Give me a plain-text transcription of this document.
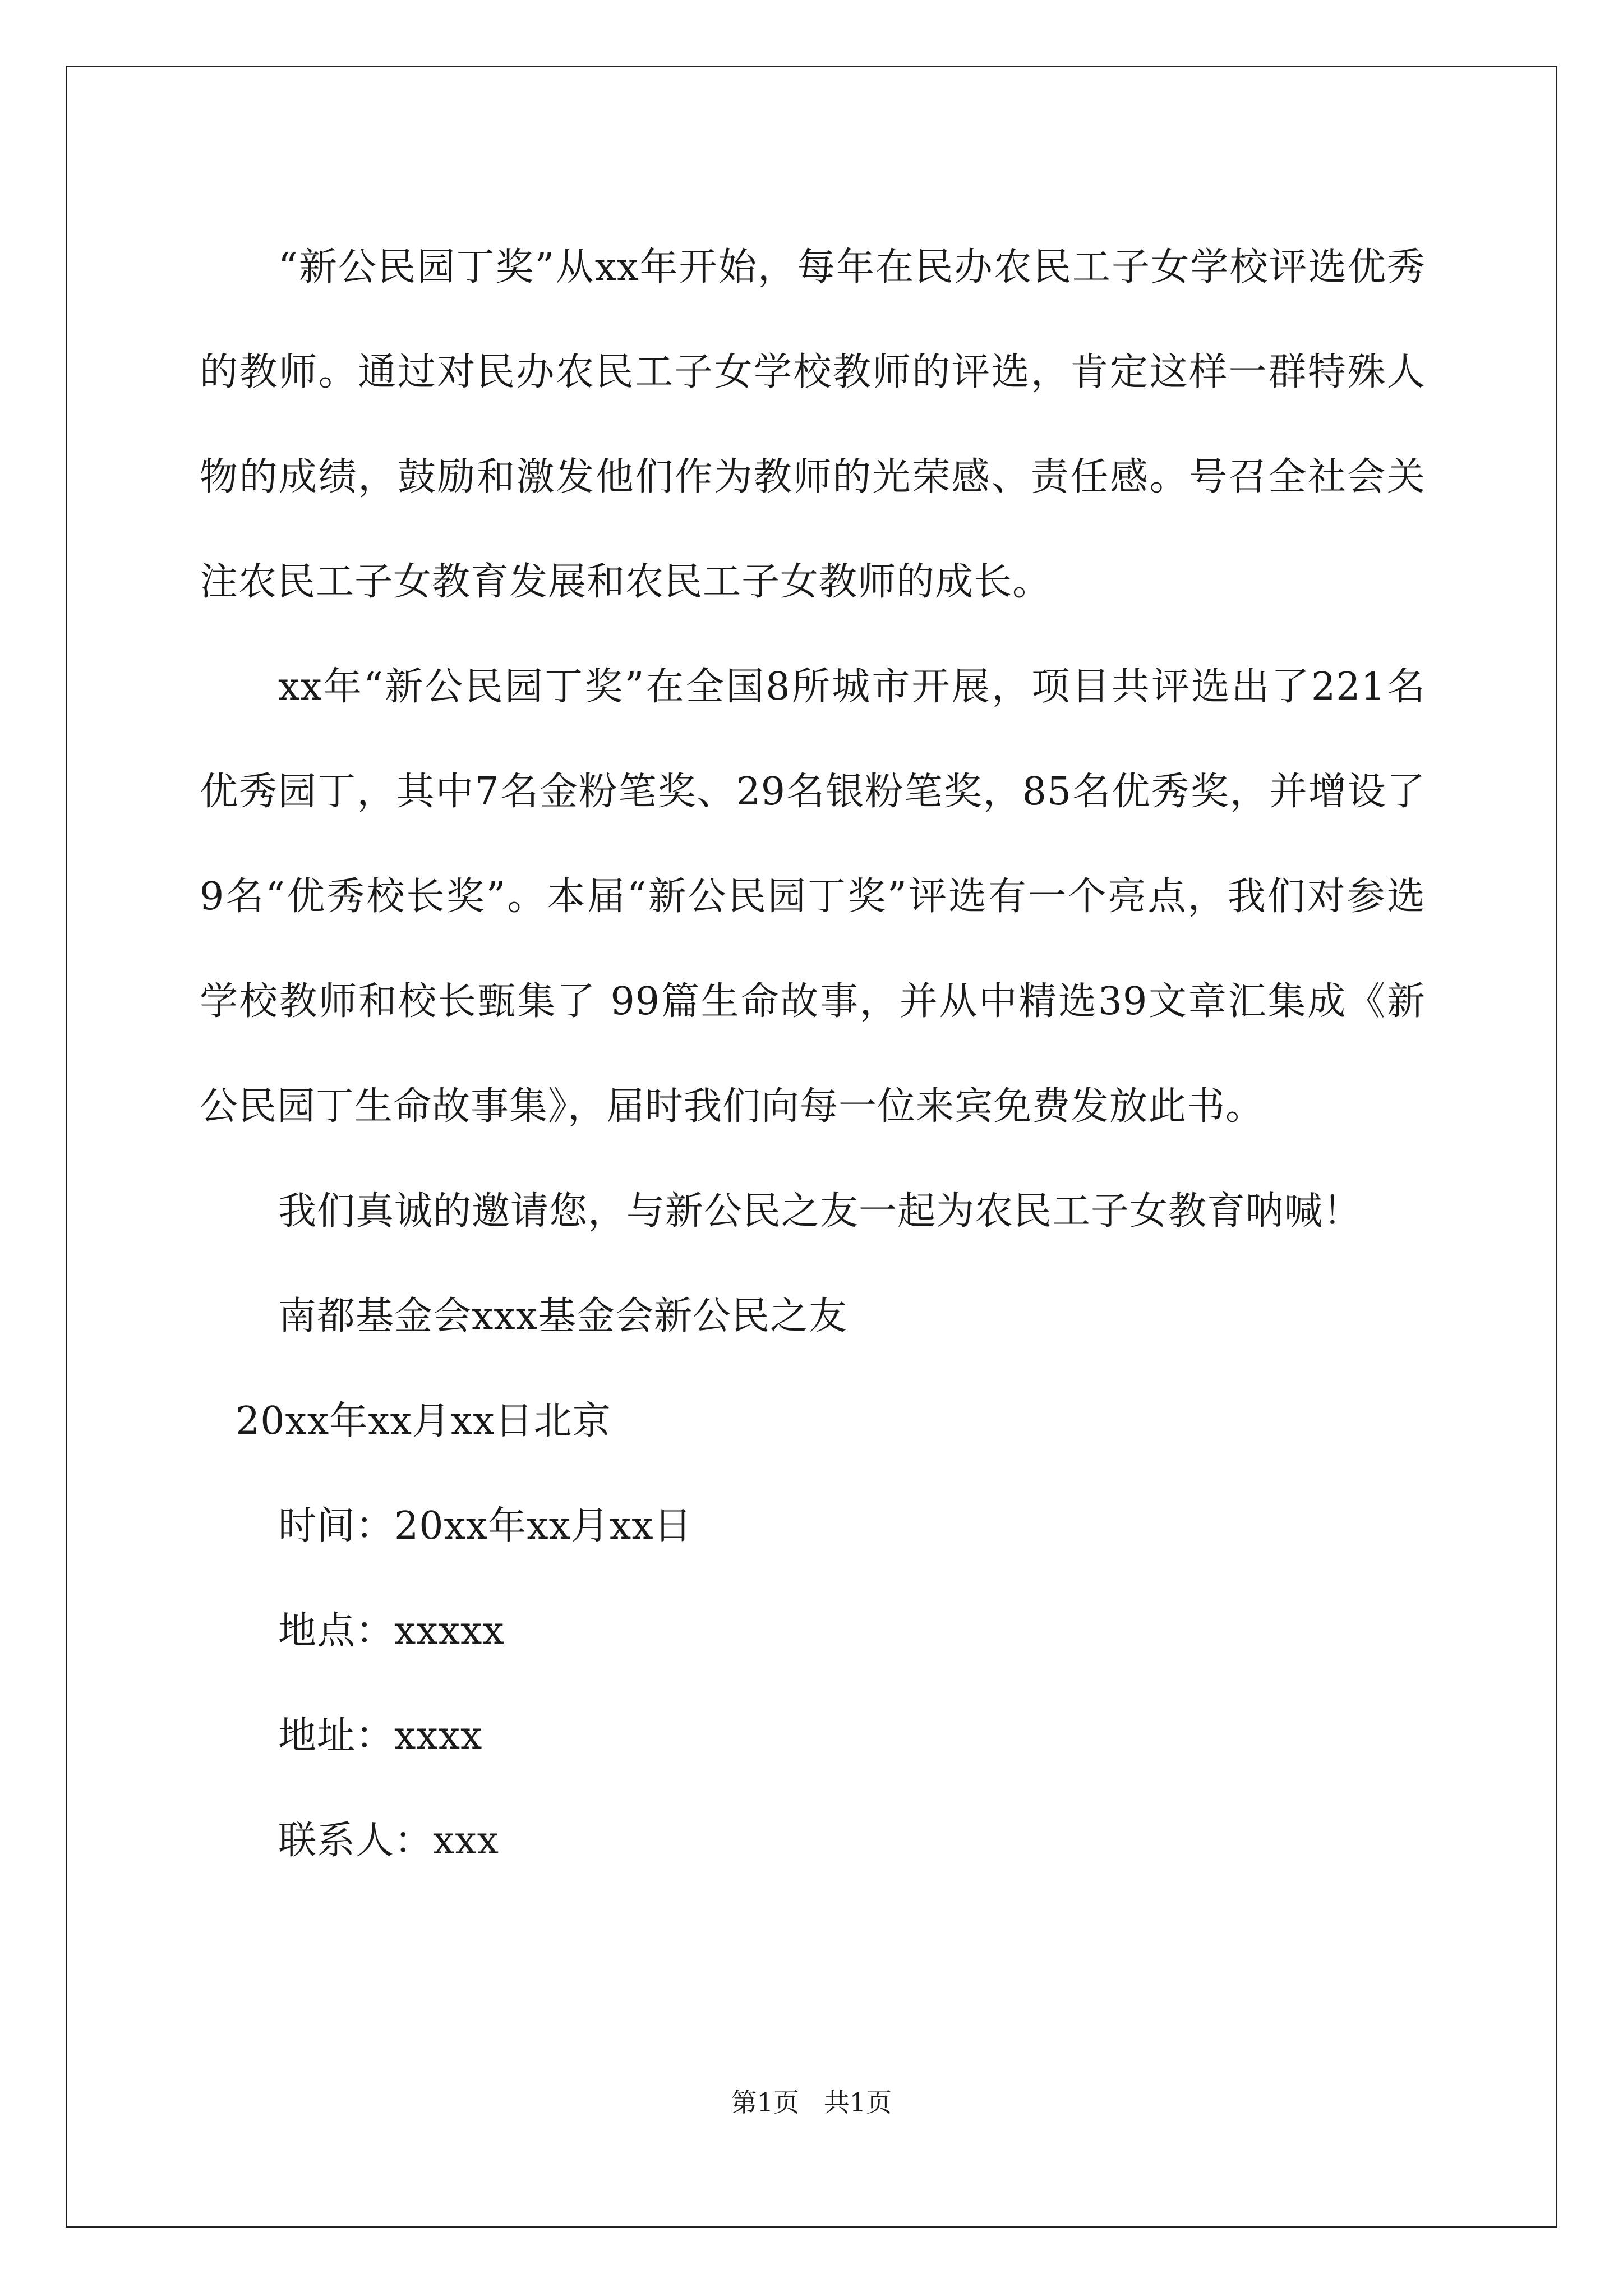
“新公民园丁奖”从xx年开始，每年在民办农民工子女学校评选优秀的教师。通过对民办农民工子女学校教师的评选，肯定这样一群特殊人物的成绩，鼓励和激发他们作为教师的光荣感、责任感。号召全社会关注农民工子女教育发展和农民工子女教师的成长。

xx年“新公民园丁奖”在全国8所城市开展，项目共评选出了221名优秀园丁，其中7名金粉笔奖、29名银粉笔奖，85名优秀奖，并增设了9名“优秀校长奖”。本届“新公民园丁奖”评选有一个亮点，我们对参选学校教师和校长甄集了 99篇生命故事，并从中精选39文章汇集成《新公民园丁生命故事集》，届时我们向每一位来宾免费发放此书。

我们真诚的邀请您，与新公民之友一起为农民工子女教育呐喊！

南都基金会xxx基金会新公民之友

20xx年xx月xx日北京

时间：20xx年xx月xx日

地点：xxxxx

地址：xxxx

联系人：xxx

第1页   共1页
